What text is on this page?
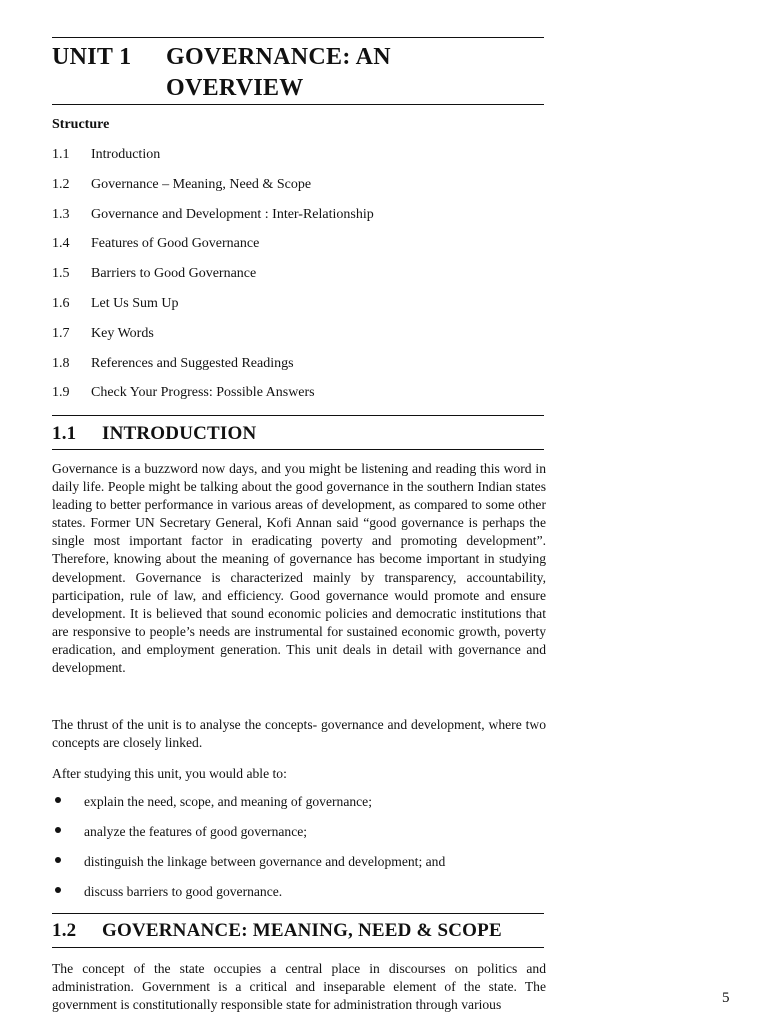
UNIT 1 GOVERNANCE: AN
OVERVIEW
Structure
1.1 Introduction
1.2 Governance – Meaning, Need & Scope
1.3 Governance and Development : Inter-Relationship
1.4 Features of Good Governance
1.5 Barriers to Good Governance
1.6 Let Us Sum Up
1.7 Key Words
1.8 References and Suggested Readings
1.9 Check Your Progress: Possible Answers
1.1 INTRODUCTION

Governance is a buzzword now days, and you might be listening and reading this word in daily life. People might be talking about the good governance in the southern Indian states leading to better performance in various areas of development, as compared to some other states. Former UN Secretary General, Kofi Annan said “good governance is perhaps the single most important factor in eradicating poverty and promoting development”. Therefore, knowing about the meaning of governance has become important in studying development. Governance is characterized mainly by transparency, accountability, participation, rule of law, and efficiency. Good governance would promote and ensure development. It is believed that sound economic policies and democratic institutions that are responsive to people’s needs are instrumental for sustained economic growth, poverty eradication, and employment generation. This unit deals in detail with governance and development.

The thrust of the unit is to analyse the concepts- governance and development, where two concepts are closely linked.

After studying this unit, you would able to:

explain the need, scope, and meaning of governance;
analyze the features of good governance;
distinguish the linkage between governance and development; and
discuss barriers to good governance.
1.2 GOVERNANCE: MEANING, NEED & SCOPE

The concept of the state occupies a central place in discourses on politics and administration. Government is a critical and inseparable element of the state. The government is constitutionally responsible state for administration through various	5
